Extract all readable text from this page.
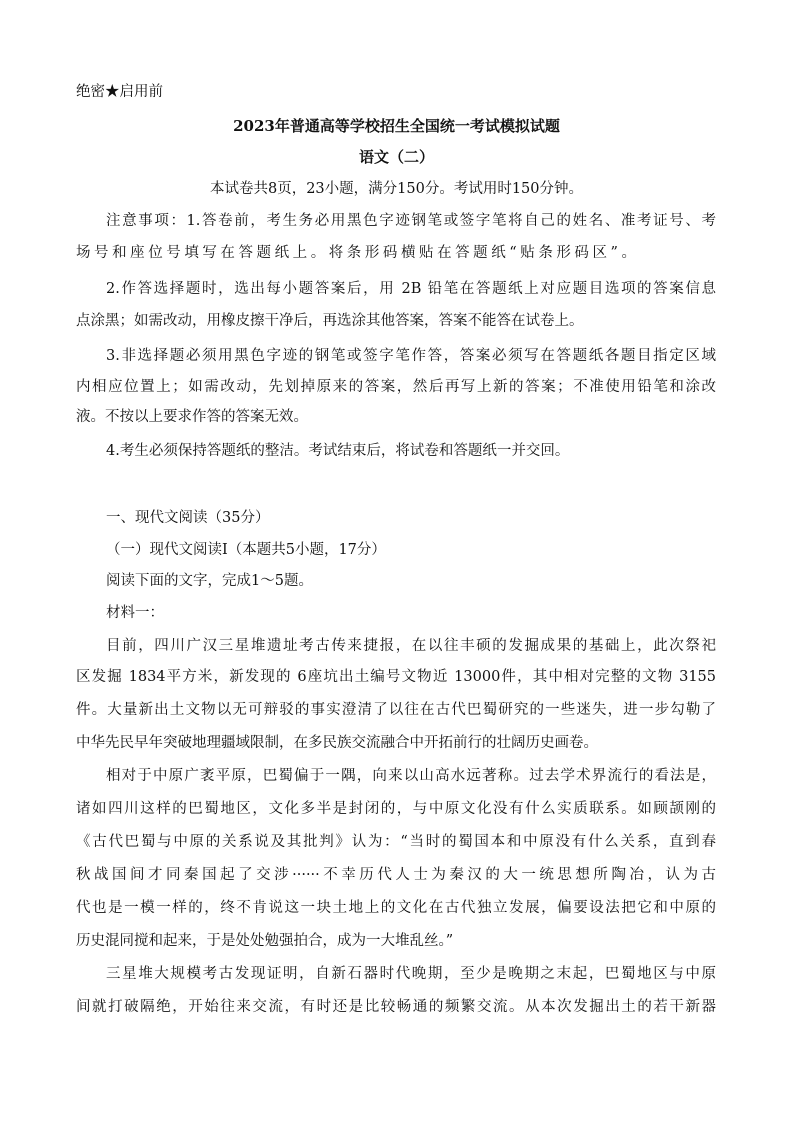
绝密★启用前

2023年普通高等学校招生全国统一考试模拟试题

语文（二）

本试卷共8页，23小题，满分150分。考试用时150分钟。

注意事项：1.答卷前，考生务必用黑色字迹钢笔或签字笔将自己的姓名、准考证号、考

场号和座位号填写在答题纸上。将条形码横贴在答题纸“贴条形码区”。

2.作答选择题时，选出每小题答案后，用 2B 铅笔在答题纸上对应题目选项的答案信息

点涂黑；如需改动，用橡皮擦干净后，再选涂其他答案，答案不能答在试卷上。

3.非选择题必须用黑色字迹的钢笔或签字笔作答，答案必须写在答题纸各题目指定区域

内相应位置上；如需改动，先划掉原来的答案，然后再写上新的答案；不准使用铅笔和涂改

液。不按以上要求作答的答案无效。

4.考生必须保持答题纸的整洁。考试结束后，将试卷和答题纸一并交回。

一、现代文阅读（35分）

（一）现代文阅读Ⅰ（本题共5小题，17分）

阅读下面的文字，完成1～5题。

材料一：

目前，四川广汉三星堆遗址考古传来捷报，在以往丰硕的发掘成果的基础上，此次祭祀

区发掘 1834平方米，新发现的 6座坑出土编号文物近 13000件，其中相对完整的文物 3155

件。大量新出土文物以无可辩驳的事实澄清了以往在古代巴蜀研究的一些迷失，进一步勾勒了

中华先民早年突破地理疆域限制，在多民族交流融合中开拓前行的壮阔历史画卷。

相对于中原广袤平原，巴蜀偏于一隅，向来以山高水远著称。过去学术界流行的看法是，

诸如四川这样的巴蜀地区，文化多半是封闭的，与中原文化没有什么实质联系。如顾颉刚的

《古代巴蜀与中原的关系说及其批判》认为：“当时的蜀国本和中原没有什么关系，直到春

秋战国间才同秦国起了交涉······不幸历代人士为秦汉的大一统思想所陶冶，认为古

代也是一模一样的，终不肯说这一块土地上的文化在古代独立发展，偏要设法把它和中原的

历史混同搅和起来，于是处处勉强拍合，成为一大堆乱丝。”

三星堆大规模考古发现证明，自新石器时代晚期，至少是晚期之末起，巴蜀地区与中原

间就打破隔绝，开始往来交流，有时还是比较畅通的频繁交流。从本次发掘出土的若干新器
